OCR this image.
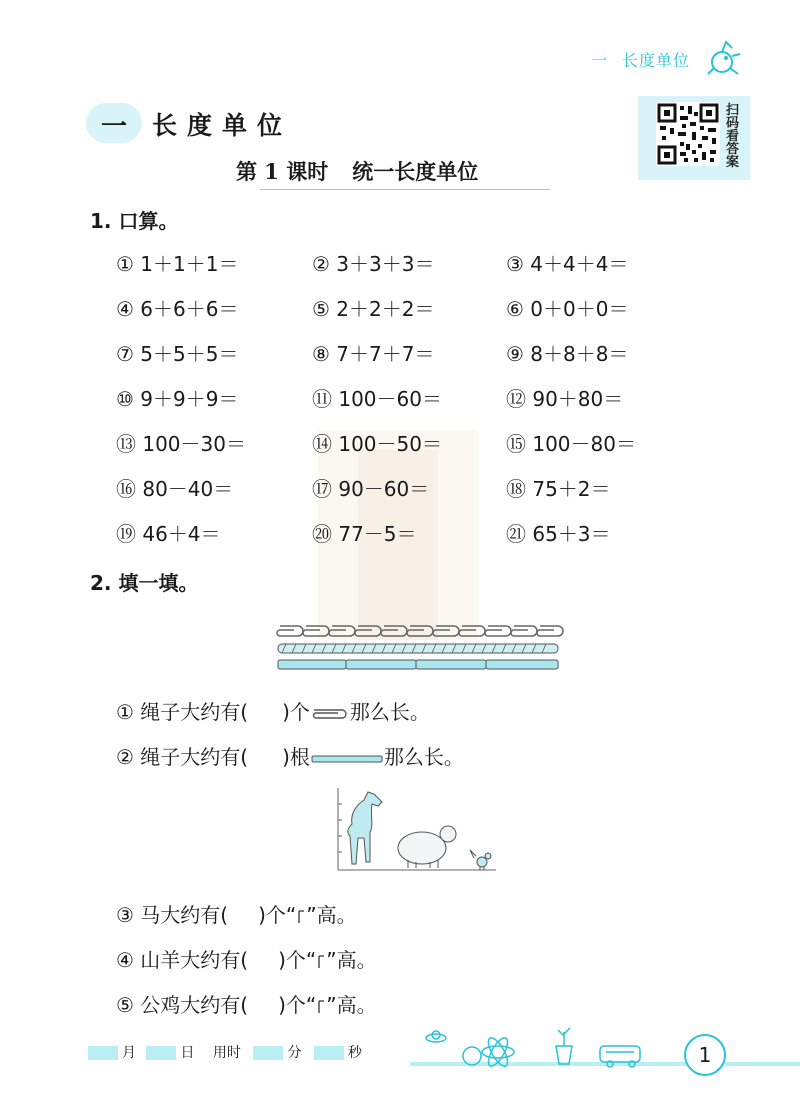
一 长度单位
扫码看答案
一	长度单位
第 1 课时 统一长度单位
1. 口算。
① 1＋1＋1＝	② 3＋3＋3＝	③ 4＋4＋4＝
④ 6＋6＋6＝	⑤ 2＋2＋2＝	⑥ 0＋0＋0＝
⑦ 5＋5＋5＝	⑧ 7＋7＋7＝	⑨ 8＋8＋8＝
⑩ 9＋9＋9＝	⑪ 100－60＝	⑫ 90＋80＝
⑬ 100－30＝	⑭ 100－50＝	⑮ 100－80＝
⑯ 80－40＝	⑰ 90－60＝	⑱ 75＋2＝
⑲ 46＋4＝	⑳ 77－5＝	㉑ 65＋3＝
2. 填一填。
① 绳子大约有( )个 那么长。
② 绳子大约有( )根	那么长。
③ 马大约有( )个“ ”高。
④ 山羊大约有( )个“ ”高。
⑤ 公鸡大约有( )个“ ”高。
月	日 用时	分	秒	1
